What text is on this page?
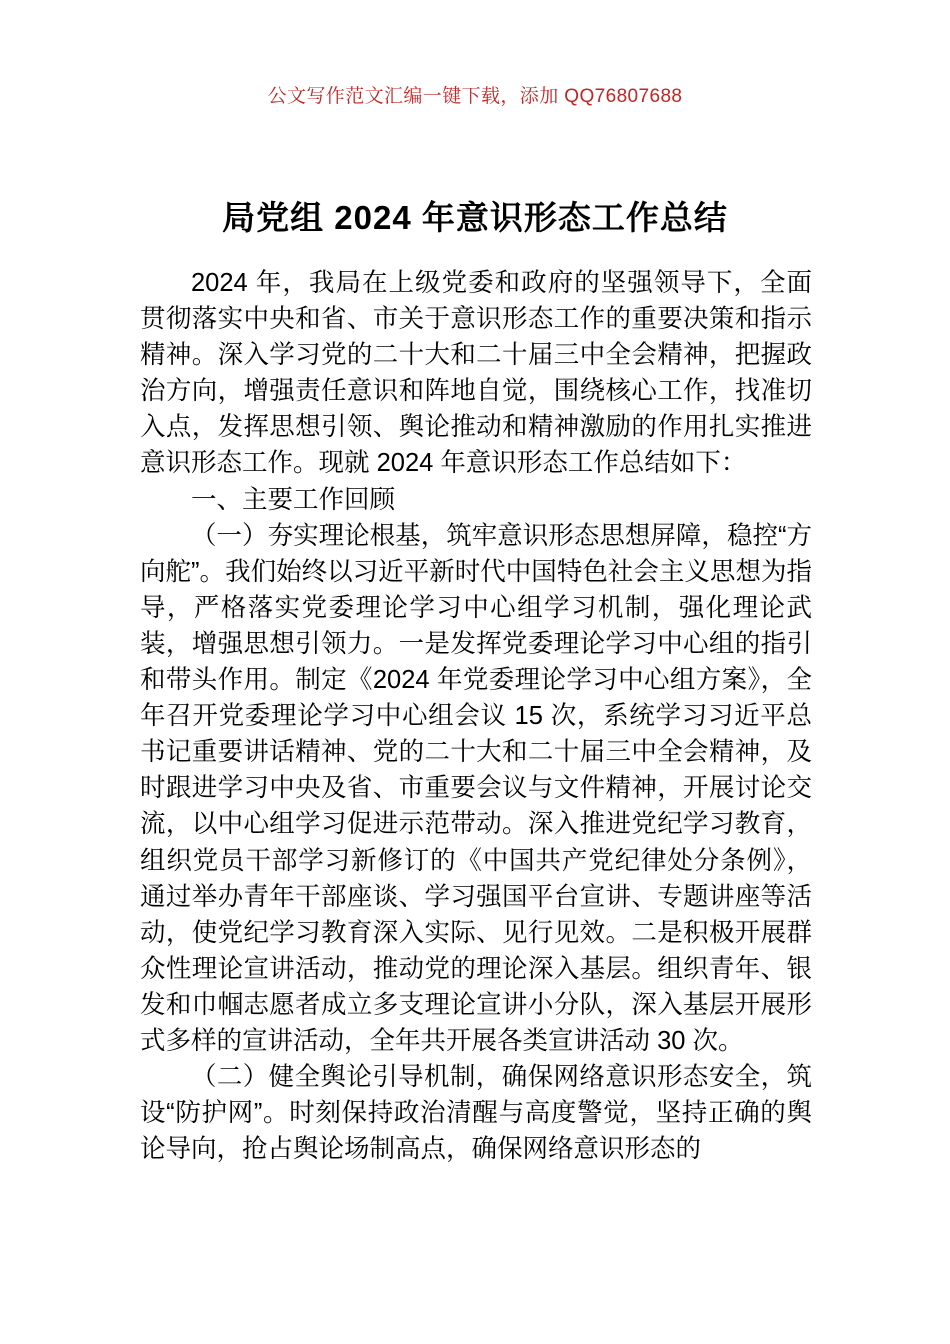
公文写作范文汇编一键下载，添加 QQ76807688
局党组 2024 年意识形态工作总结

2024 年，我局在上级党委和政府的坚强领导下，全面贯彻落实中央和省、市关于意识形态工作的重要决策和指示精神。深入学习党的二十大和二十届三中全会精神，把握政治方向，增强责任意识和阵地自觉，围绕核心工作，找准切入点，发挥思想引领、舆论推动和精神激励的作用扎实推进意识形态工作。现就 2024 年意识形态工作总结如下：

一、主要工作回顾

（一）夯实理论根基，筑牢意识形态思想屏障，稳控“方向舵”。我们始终以习近平新时代中国特色社会主义思想为指导，严格落实党委理论学习中心组学习机制，强化理论武装，增强思想引领力。一是发挥党委理论学习中心组的指引和带头作用。制定《2024 年党委理论学习中心组方案》，全年召开党委理论学习中心组会议 15 次，系统学习习近平总书记重要讲话精神、党的二十大和二十届三中全会精神，及时跟进学习中央及省、市重要会议与文件精神，开展讨论交流，以中心组学习促进示范带动。深入推进党纪学习教育，组织党员干部学习新修订的《中国共产党纪律处分条例》，通过举办青年干部座谈、学习强国平台宣讲、专题讲座等活动，使党纪学习教育深入实际、见行见效。二是积极开展群众性理论宣讲活动，推动党的理论深入基层。组织青年、银发和巾帼志愿者成立多支理论宣讲小分队，深入基层开展形式多样的宣讲活动，全年共开展各类宣讲活动 30 次。

（二）健全舆论引导机制，确保网络意识形态安全，筑设“防护网”。时刻保持政治清醒与高度警觉，坚持正确的舆论导向，抢占舆论场制高点，确保网络意识形态的
